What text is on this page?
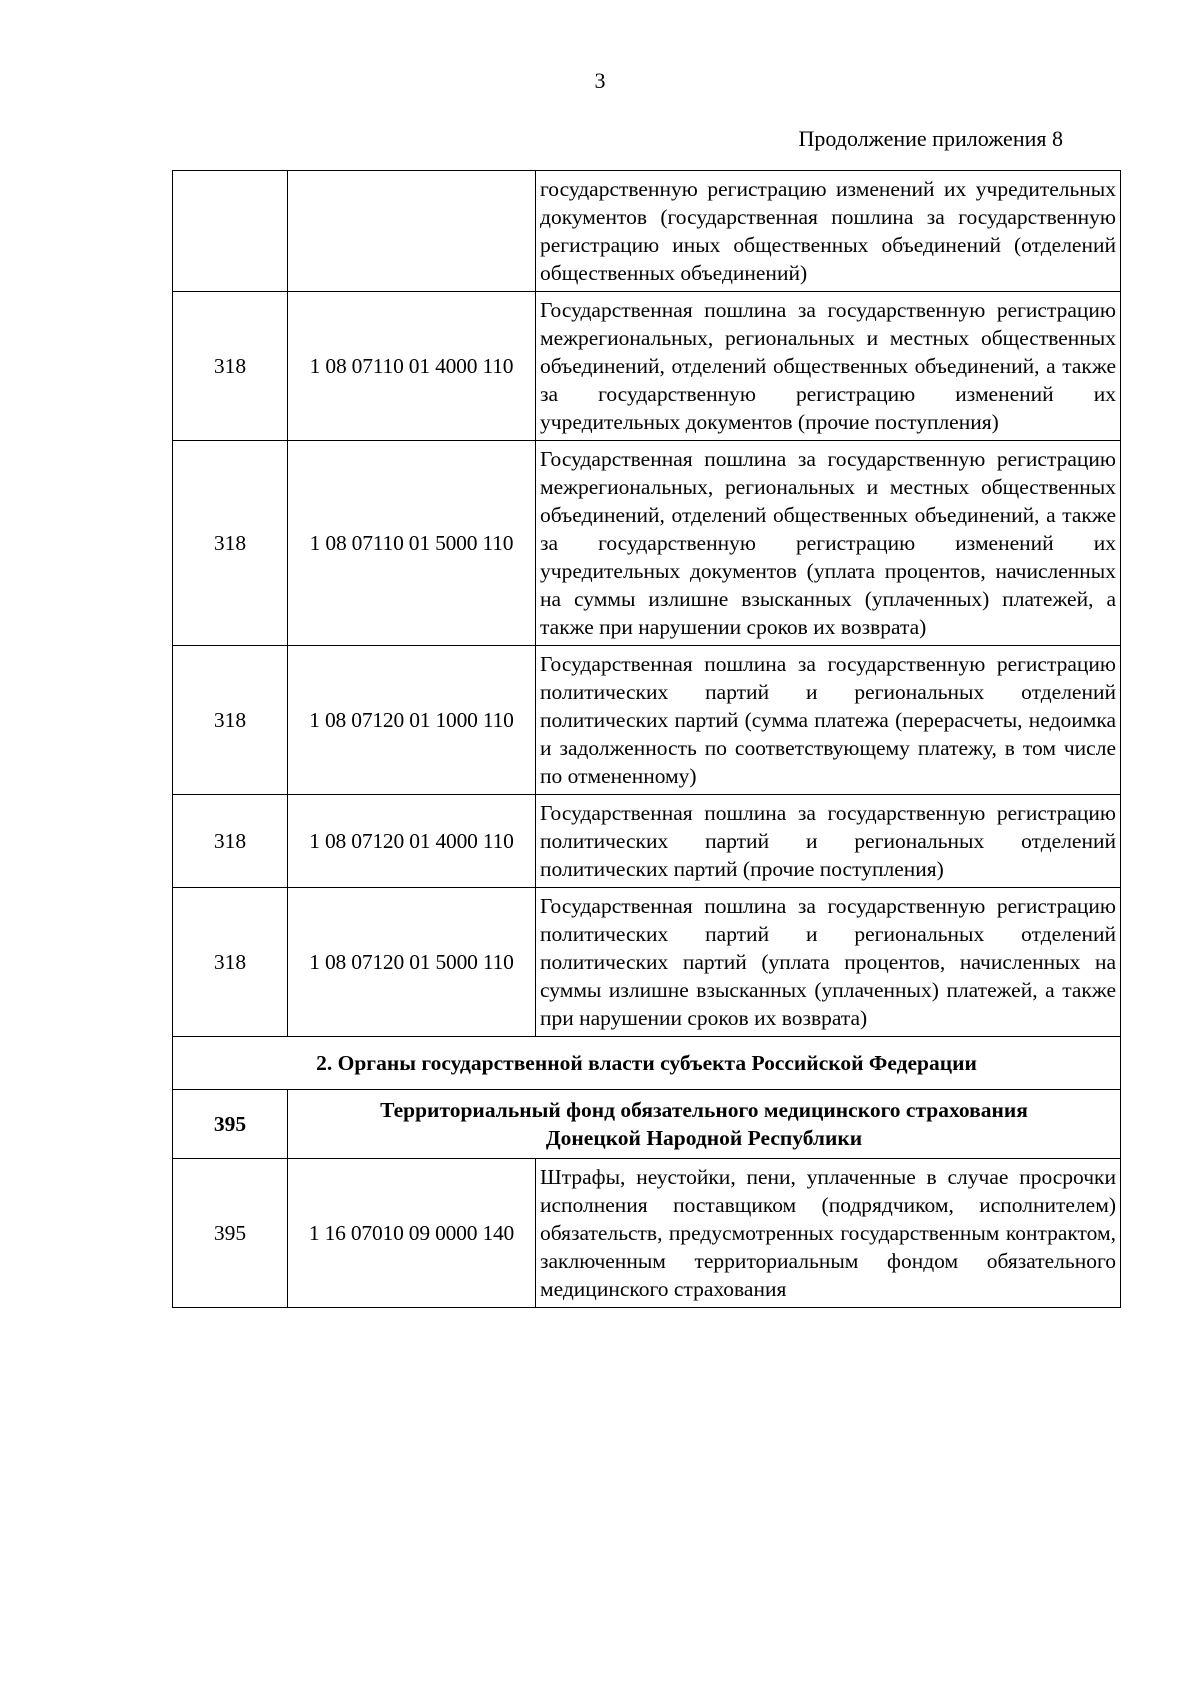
3
Продолжение приложения 8
		государственную регистрацию изменений их учредительных документов (государственная пошлина за государственную регистрацию иных общественных объединений (отделений общественных объединений)
318	1 08 07110 01 4000 110	Государственная пошлина за государственную регистрацию межрегиональных, региональных и местных общественных объединений, отделений общественных объединений, а также за государственную регистрацию изменений их учредительных документов (прочие поступления)
318	1 08 07110 01 5000 110	Государственная пошлина за государственную регистрацию межрегиональных, региональных и местных общественных объединений, отделений общественных объединений, а также за государственную регистрацию изменений их учредительных документов (уплата процентов, начисленных на суммы излишне взысканных (уплаченных) платежей, а также при нарушении сроков их возврата)
318	1 08 07120 01 1000 110	Государственная пошлина за государственную регистрацию политических партий и региональных отделений политических партий (сумма платежа (перерасчеты, недоимка и задолженность по соответствующему платежу, в том числе по отмененному)
318	1 08 07120 01 4000 110	Государственная пошлина за государственную регистрацию политических партий и региональных отделений политических партий (прочие поступления)
318	1 08 07120 01 5000 110	Государственная пошлина за государственную регистрацию политических партий и региональных отделений политических партий (уплата процентов, начисленных на суммы излишне взысканных (уплаченных) платежей, а также при нарушении сроков их возврата)
2. Органы государственной власти субъекта Российской Федерации		
395	Территориальный фонд обязательного медицинского страхования
Донецкой Народной Республики	
395	1 16 07010 09 0000 140	Штрафы, неустойки, пени, уплаченные в случае просрочки исполнения поставщиком (подрядчиком, исполнителем) обязательств, предусмотренных государственным контрактом, заключенным территориальным фондом обязательного медицинского страхования
